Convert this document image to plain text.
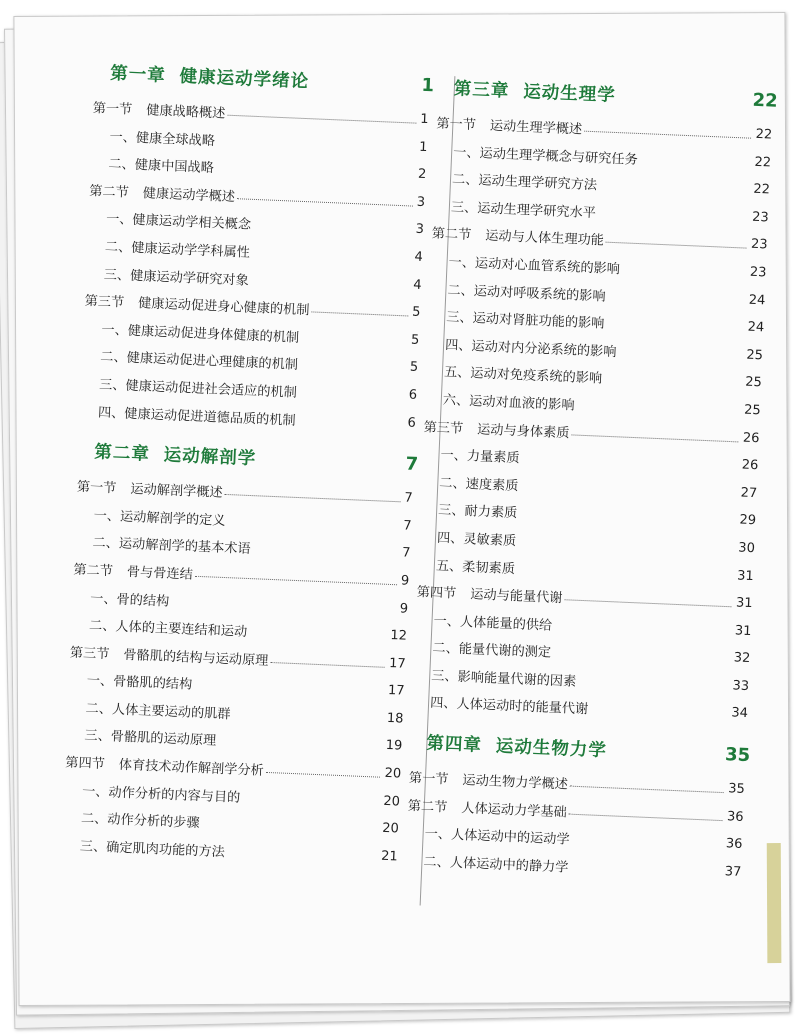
第一章 健康运动学绪论	1
第一节 健康战略概述	1
一、健康全球战略	1
二、健康中国战略	2
第二节 健康运动学概述	3
一、健康运动学相关概念	3
二、健康运动学学科属性	4
三、健康运动学研究对象	4
第三节 健康运动促进身心健康的机制	5
一、健康运动促进身体健康的机制	5
二、健康运动促进心理健康的机制	5
三、健康运动促进社会适应的机制	6
四、健康运动促进道德品质的机制	6
第二章 运动解剖学	7
第一节 运动解剖学概述	7
一、运动解剖学的定义	7
二、运动解剖学的基本术语	7
第二节 骨与骨连结	9
一、骨的结构	9
二、人体的主要连结和运动	12
第三节 骨骼肌的结构与运动原理	17
一、骨骼肌的结构	17
二、人体主要运动的肌群	18
三、骨骼肌的运动原理	19
第四节 体育技术动作解剖学分析	20
一、动作分析的内容与目的	20
二、动作分析的步骤	20
三、确定肌肉功能的方法	21
第三章 运动生理学	22
第一节 运动生理学概述	22
一、运动生理学概念与研究任务	22
二、运动生理学研究方法	22
三、运动生理学研究水平	23
第二节 运动与人体生理功能	23
一、运动对心血管系统的影响	23
二、运动对呼吸系统的影响	24
三、运动对肾脏功能的影响	24
四、运动对内分泌系统的影响	25
五、运动对免疫系统的影响	25
六、运动对血液的影响	25
第三节 运动与身体素质	26
一、力量素质	26
二、速度素质	27
三、耐力素质	29
四、灵敏素质	30
五、柔韧素质	31
第四节 运动与能量代谢	31
一、人体能量的供给	31
二、能量代谢的测定	32
三、影响能量代谢的因素	33
四、人体运动时的能量代谢	34
第四章 运动生物力学	35
第一节 运动生物力学概述	35
第二节 人体运动力学基础	36
一、人体运动中的运动学	36
二、人体运动中的静力学	37
